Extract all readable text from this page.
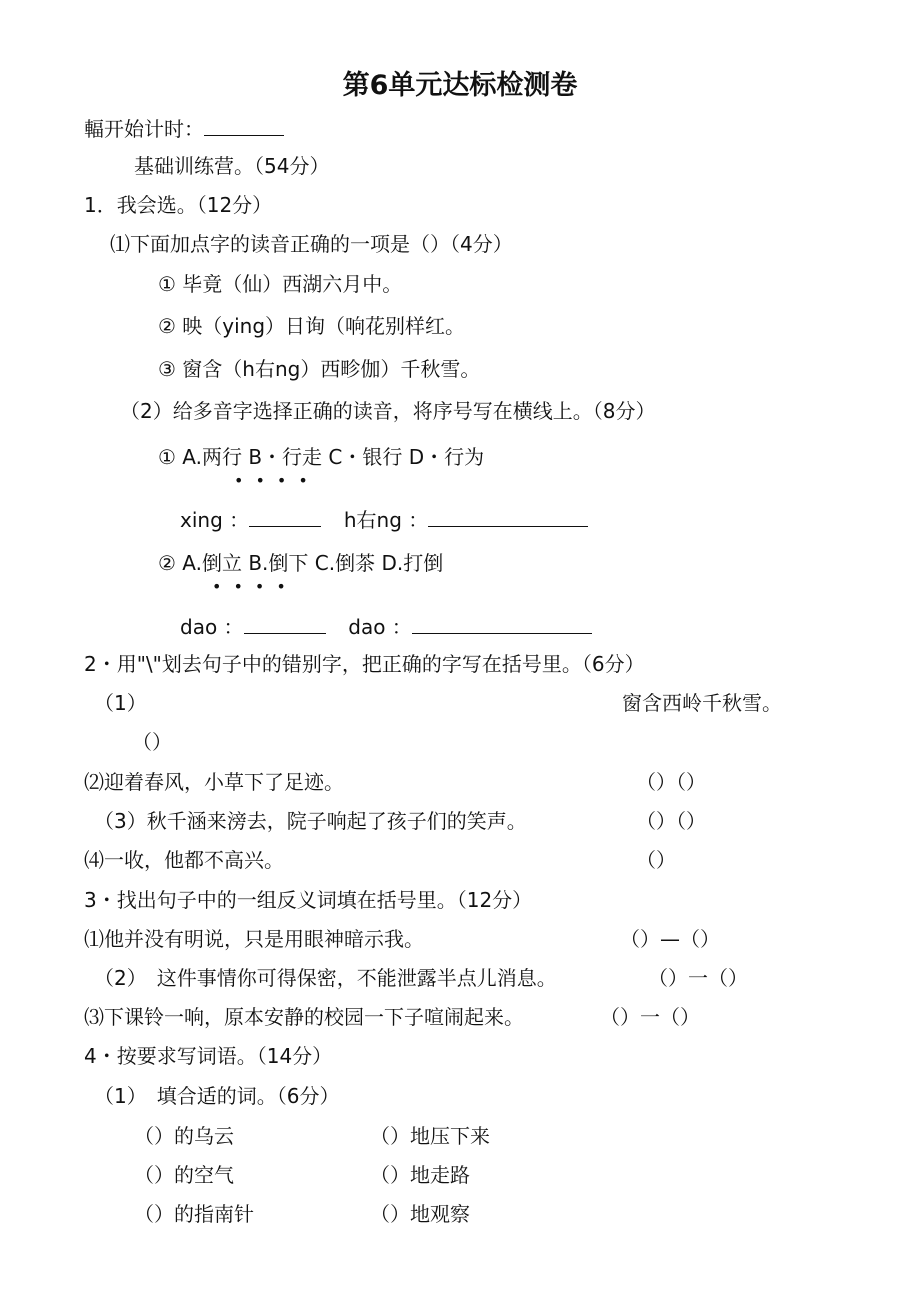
第6单元达标检测卷
輻开始计时：
基础训练营。（54分）
1．我会选。（12分）
⑴下面加点字的读音正确的一项是（）（4分）
① 毕竟（仙）西湖六月中。
② 映（ying）日询（响花别样红。
③ 窗含（h右ng）西畛伽）千秋雪。
（2）给多音字选择正确的读音，将序号写在横线上。（8分）
① A.两行 B・行走 C・银行 D・行为
••••
xing ：	h右ng ：
② A.倒立 B.倒下 C.倒茶 D.打倒
••••
dao ：	dao ：
2・用"\"划去句子中的错别字，把正确的字写在括号里。（6分）
（1）	窗含西岭千秋雪。
（）
⑵迎着春风，小草下了足迹。	（）（）
（3）秋千涵来滂去，院子响起了孩子们的笑声。	（）（）
⑷一收，他都不高兴。	（）
3・找出句子中的一组反义词填在括号里。（12分）
⑴他并没有明说，只是用眼神暗示我。	（）—（）
（2）　这件事情你可得保密，不能泄露半点儿消息。	（）一（）
⑶下课铃一响，原本安静的校园一下子喧闹起来。	（）一（）
4・按要求写词语。（14分）
（1）　填合适的词。（6分）
（）的乌云	（）地压下来
（）的空气	（）地走路
（）的指南针	（）地观察
